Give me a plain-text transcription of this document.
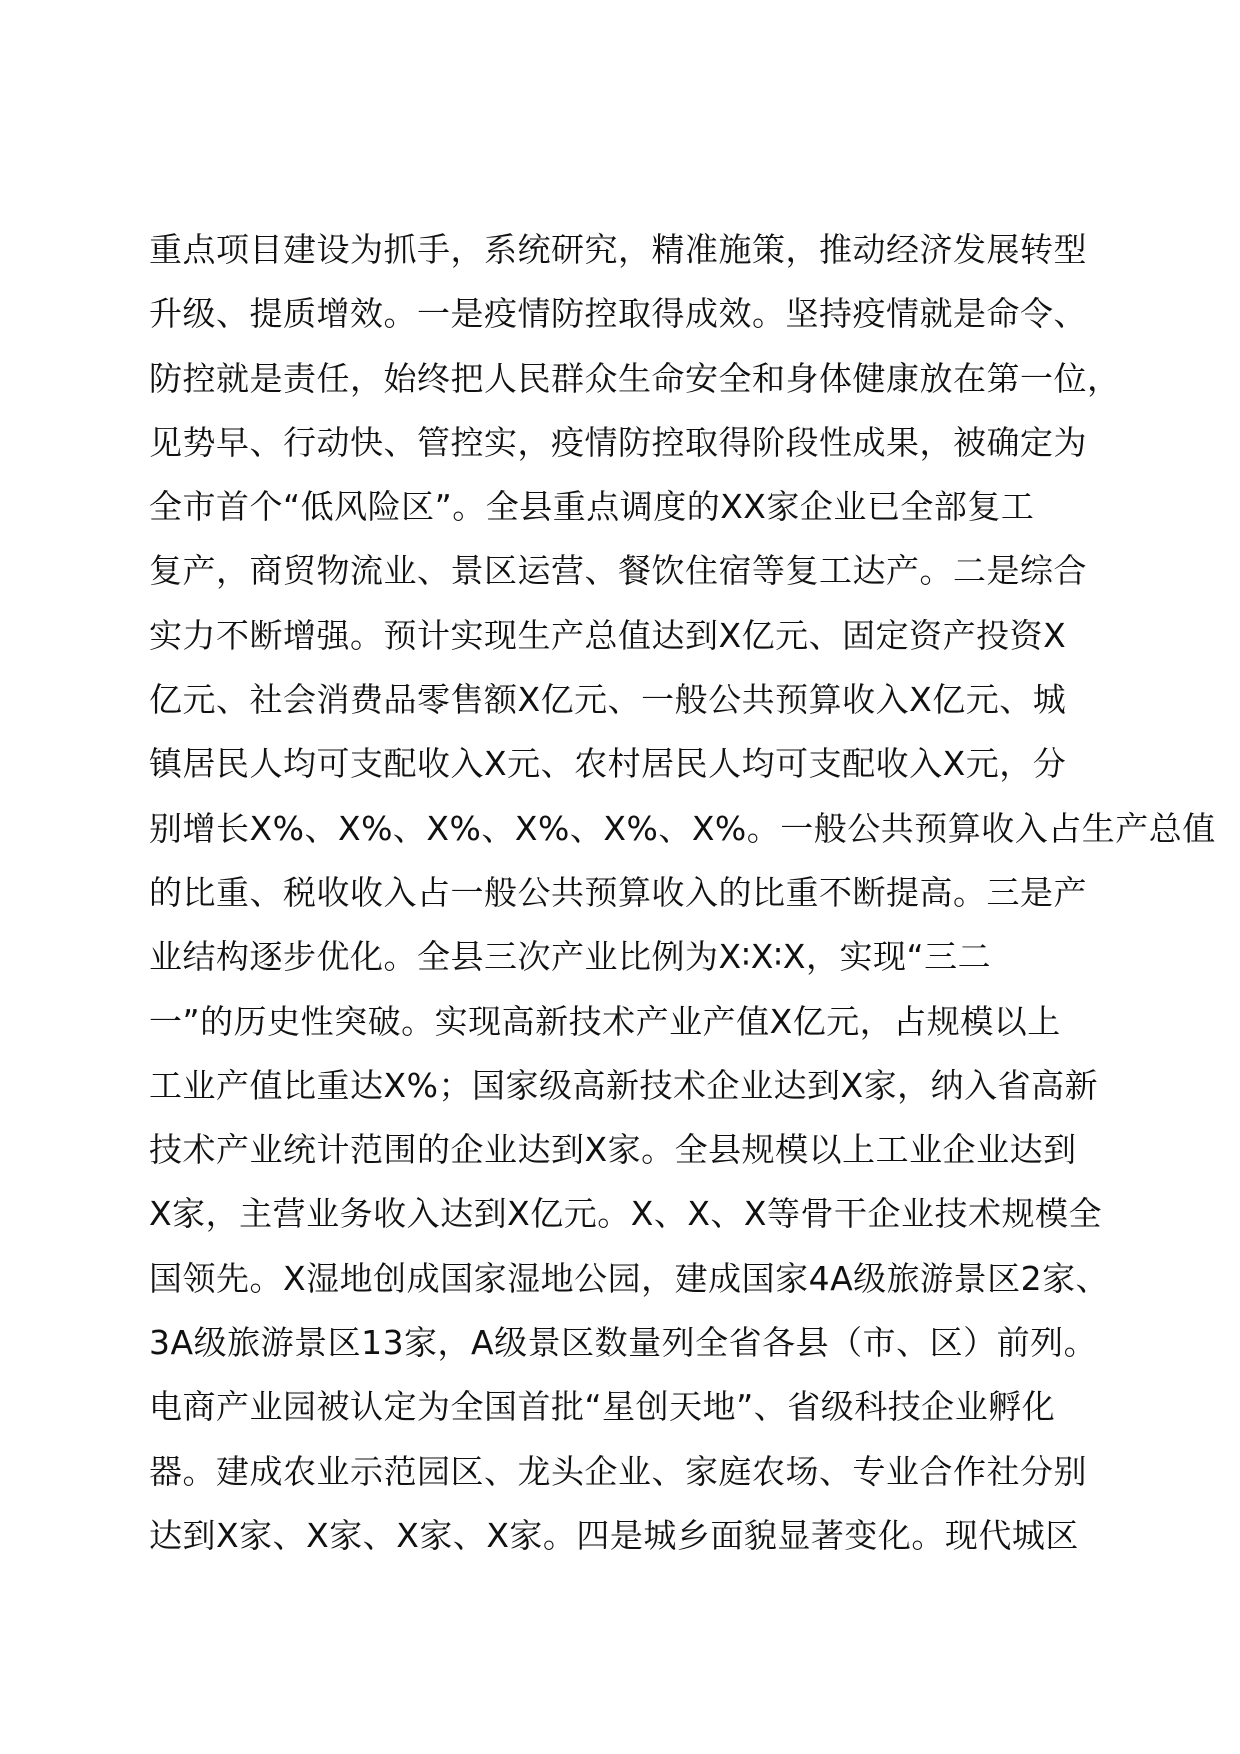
重点项目建设为抓手，系统研究，精准施策，推动经济发展转型
升级、提质增效。一是疫情防控取得成效。坚持疫情就是命令、
防控就是责任，始终把人民群众生命安全和身体健康放在第一位，
见势早、行动快、管控实，疫情防控取得阶段性成果，被确定为
全市首个“低风险区”。全县重点调度的XX家企业已全部复工
复产，商贸物流业、景区运营、餐饮住宿等复工达产。二是综合
实力不断增强。预计实现生产总值达到X亿元、固定资产投资X
亿元、社会消费品零售额X亿元、一般公共预算收入X亿元、城
镇居民人均可支配收入X元、农村居民人均可支配收入X元，分
别增长X%、X%、X%、X%、X%、X%。一般公共预算收入占生产总值
的比重、税收收入占一般公共预算收入的比重不断提高。三是产
业结构逐步优化。全县三次产业比例为X∶X∶X，实现“三二
一”的历史性突破。实现高新技术产业产值X亿元，占规模以上
工业产值比重达X%；国家级高新技术企业达到X家，纳入省高新
技术产业统计范围的企业达到X家。全县规模以上工业企业达到
X家，主营业务收入达到X亿元。X、X、X等骨干企业技术规模全
国领先。X湿地创成国家湿地公园，建成国家4A级旅游景区2家、
3A级旅游景区13家，A级景区数量列全省各县（市、区）前列。
电商产业园被认定为全国首批“星创天地”、省级科技企业孵化
器。建成农业示范园区、龙头企业、家庭农场、专业合作社分别
达到X家、X家、X家、X家。四是城乡面貌显著变化。现代城区
